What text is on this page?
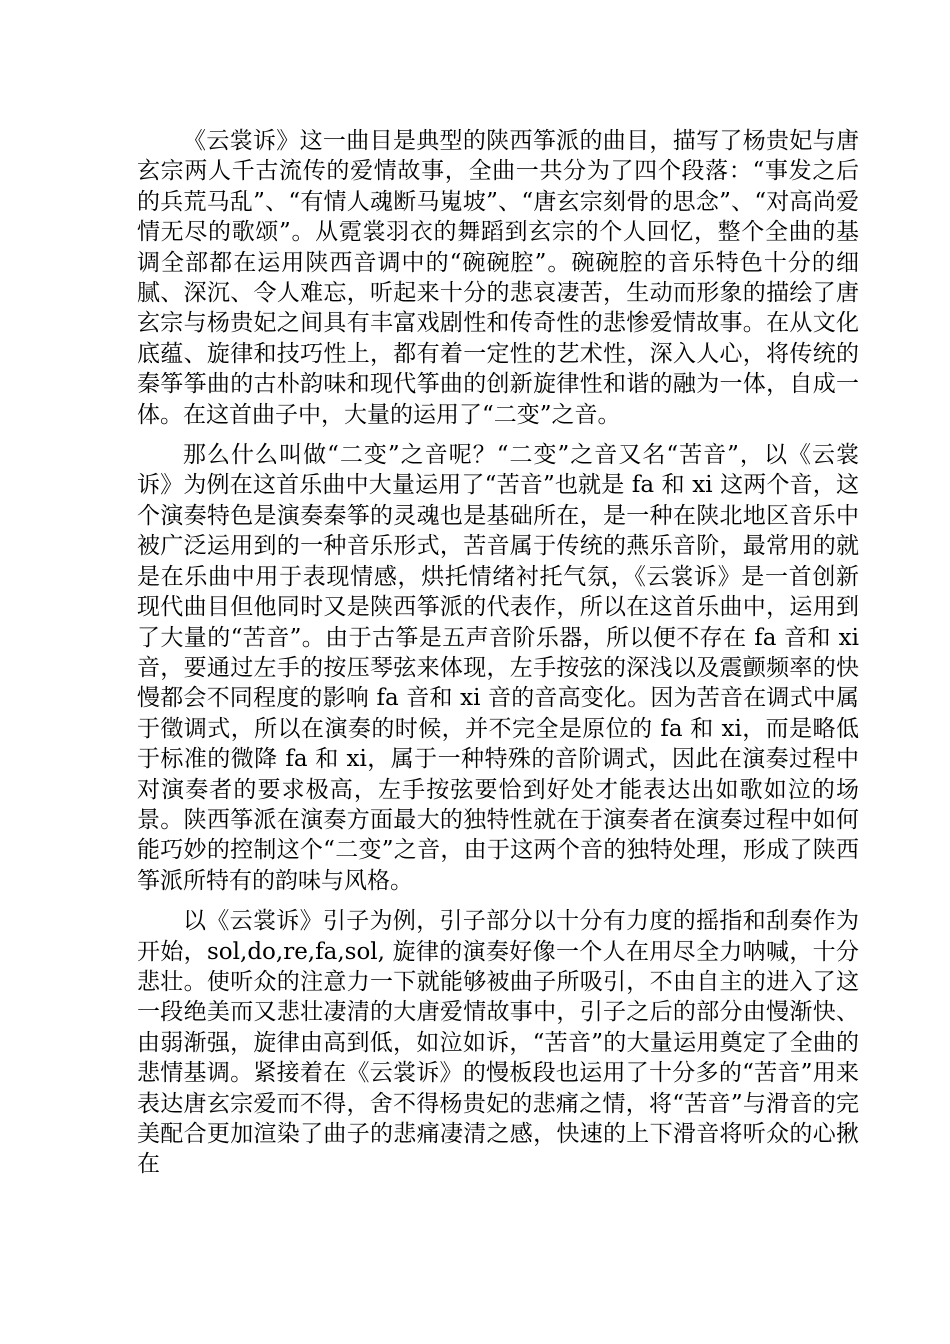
《云裳诉》这一曲目是典型的陕西筝派的曲目，描写了杨贵妃与唐玄宗两人千古流传的爱情故事，全曲一共分为了四个段落：“事发之后的兵荒马乱”、“有情人魂断马嵬坡”、“唐玄宗刻骨的思念”、“对高尚爱情无尽的歌颂”。从霓裳羽衣的舞蹈到玄宗的个人回忆，整个全曲的基调全部都在运用陕西音调中的“碗碗腔”。碗碗腔的音乐特色十分的细腻、深沉、令人难忘，听起来十分的悲哀凄苦，生动而形象的描绘了唐玄宗与杨贵妃之间具有丰富戏剧性和传奇性的悲惨爱情故事。在从文化底蕴、旋律和技巧性上，都有着一定性的艺术性，深入人心，将传统的秦筝筝曲的古朴韵味和现代筝曲的创新旋律性和谐的融为一体，自成一体。在这首曲子中，大量的运用了“二变”之音。

那么什么叫做“二变”之音呢？“二变”之音又名“苦音”，以《云裳诉》为例在这首乐曲中大量运用了“苦音”也就是 fa 和 xi 这两个音，这个演奏特色是演奏秦筝的灵魂也是基础所在，是一种在陕北地区音乐中被广泛运用到的一种音乐形式，苦音属于传统的燕乐音阶，最常用的就是在乐曲中用于表现情感，烘托情绪衬托气氛，《云裳诉》是一首创新现代曲目但他同时又是陕西筝派的代表作，所以在这首乐曲中，运用到了大量的“苦音”。由于古筝是五声音阶乐器，所以便不存在 fa 音和 xi 音，要通过左手的按压琴弦来体现，左手按弦的深浅以及震颤频率的快慢都会不同程度的影响 fa 音和 xi 音的音高变化。因为苦音在调式中属于徵调式，所以在演奏的时候，并不完全是原位的 fa 和 xi，而是略低于标准的微降 fa 和 xi，属于一种特殊的音阶调式，因此在演奏过程中对演奏者的要求极高，左手按弦要恰到好处才能表达出如歌如泣的场景。陕西筝派在演奏方面最大的独特性就在于演奏者在演奏过程中如何能巧妙的控制这个“二变”之音，由于这两个音的独特处理，形成了陕西筝派所特有的韵味与风格。

以《云裳诉》引子为例，引子部分以十分有力度的摇指和刮奏作为开始，sol,do,re,fa,sol, 旋律的演奏好像一个人在用尽全力呐喊，十分悲壮。使听众的注意力一下就能够被曲子所吸引，不由自主的进入了这一段绝美而又悲壮凄清的大唐爱情故事中，引子之后的部分由慢渐快、由弱渐强，旋律由高到低，如泣如诉，“苦音”的大量运用奠定了全曲的悲情基调。紧接着在《云裳诉》的慢板段也运用了十分多的“苦音”用来表达唐玄宗爱而不得，舍不得杨贵妃的悲痛之情，将“苦音”与滑音的完美配合更加渲染了曲子的悲痛凄清之感，快速的上下滑音将听众的心揪在
